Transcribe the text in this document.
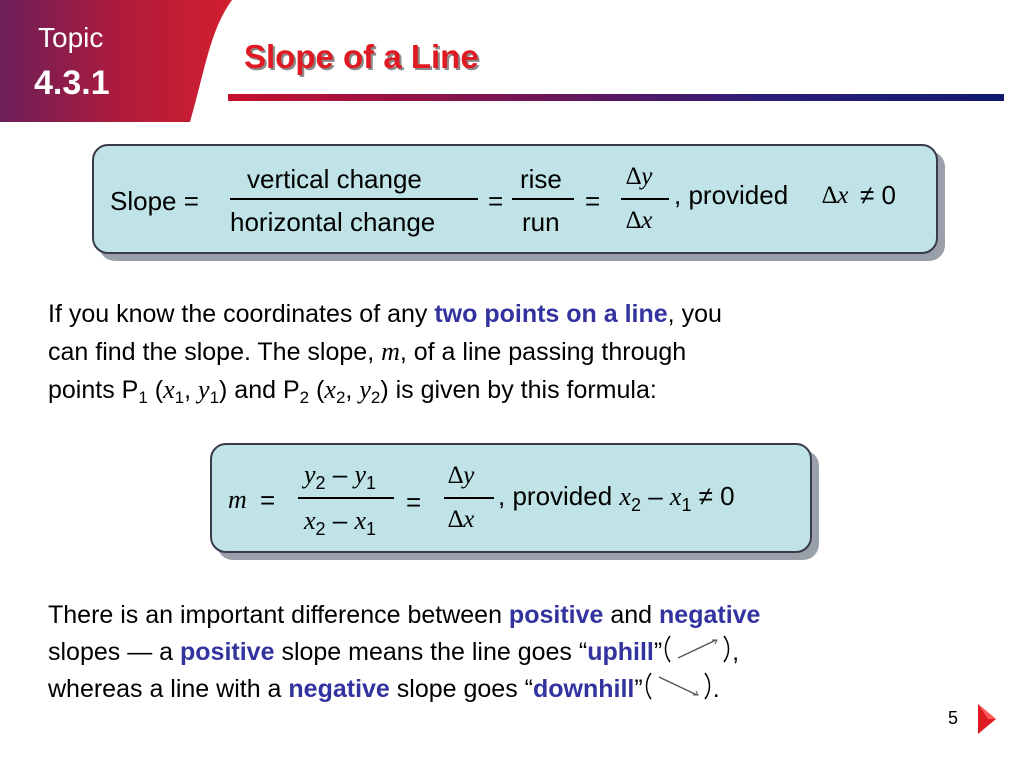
Topic
4.3.1
Slope of a Line
Slope =
vertical change
horizontal change
=
rise
run
=
∆y
∆x
, provided ∆x ≠ 0

If you know the coordinates of any two points on a line, you
can find the slope. The slope, m, of a line passing through
points $P_1$ ($x_1$, $y_1$) and $P_2$ ($x_2$, $y_2$) is given by this formula:

m =
$y_2 - y_1$
$x_2 - x_1$
=
∆y
∆x
, provided $x_2 - x_1 \ne 0$

There is an important difference between positive and negative
slopes — a positive slope means the line goes “uphill”	,
whereas a line with a negative slope goes “downhill”	.

5
